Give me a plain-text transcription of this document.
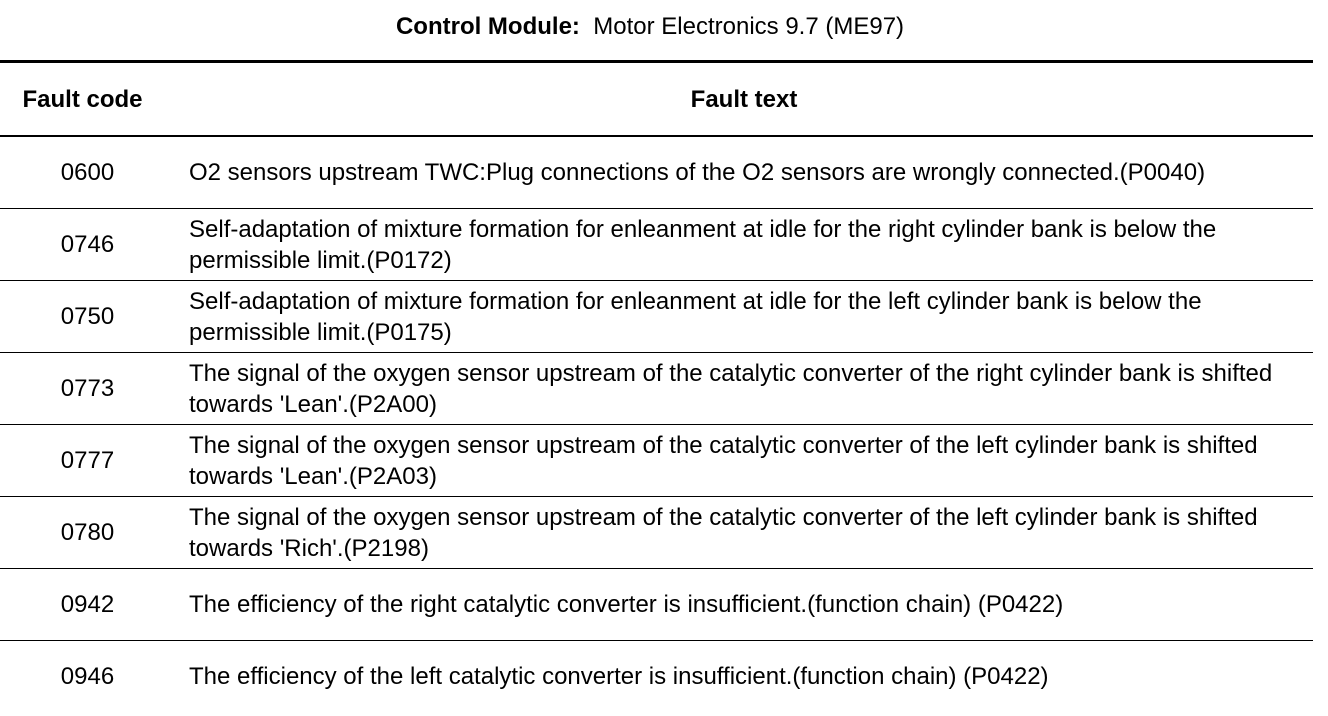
Control Module: Motor Electronics 9.7 (ME97)
Fault code	Fault text
0600	O2 sensors upstream TWC:Plug connections of the O2 sensors are wrongly connected.(P0040)
0746	Self-adaptation of mixture formation for enleanment at idle for the right cylinder bank is below the permissible limit.(P0172)
0750	Self-adaptation of mixture formation for enleanment at idle for the left cylinder bank is below the permissible limit.(P0175)
0773	The signal of the oxygen sensor upstream of the catalytic converter of the right cylinder bank is shifted towards 'Lean'.(P2A00)
0777	The signal of the oxygen sensor upstream of the catalytic converter of the left cylinder bank is shifted towards 'Lean'.(P2A03)
0780	The signal of the oxygen sensor upstream of the catalytic converter of the left cylinder bank is shifted towards 'Rich'.(P2198)
0942	The efficiency of the right catalytic converter is insufficient.(function chain) (P0422)
0946	The efficiency of the left catalytic converter is insufficient.(function chain) (P0422)
